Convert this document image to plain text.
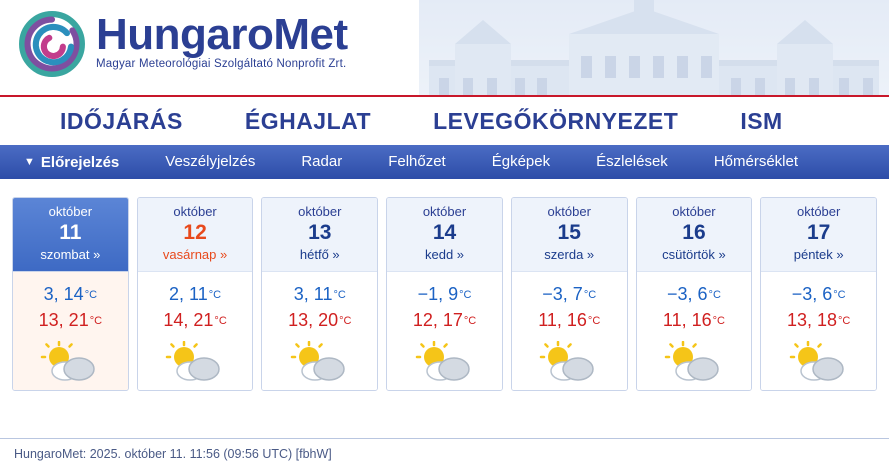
HungaroMet
Magyar Meteorológiai Szolgáltató Nonprofit Zrt.
IDŐJÁRÁS	ÉGHAJLAT	LEVEGŐKÖRNYEZET	ISM
▼ Előrejelzés	Veszélyjelzés	Radar	Felhőzet	Égképek	Észlelések	Hőmérséklet
október
11
szombat »
3, 14°C
13, 21°C
október
12
vasárnap »
2, 11°C
14, 21°C
október
13
hétfő »
3, 11°C
13, 20°C
október
14
kedd »
−1, 9°C
12, 17°C
október
15
szerda »
−3, 7°C
11, 16°C
október
16
csütörtök »
−3, 6°C
11, 16°C
október
17
péntek »
−3, 6°C
13, 18°C
HungaroMet: 2025. október 11. 11:56 (09:56 UTC) [fbhW]
